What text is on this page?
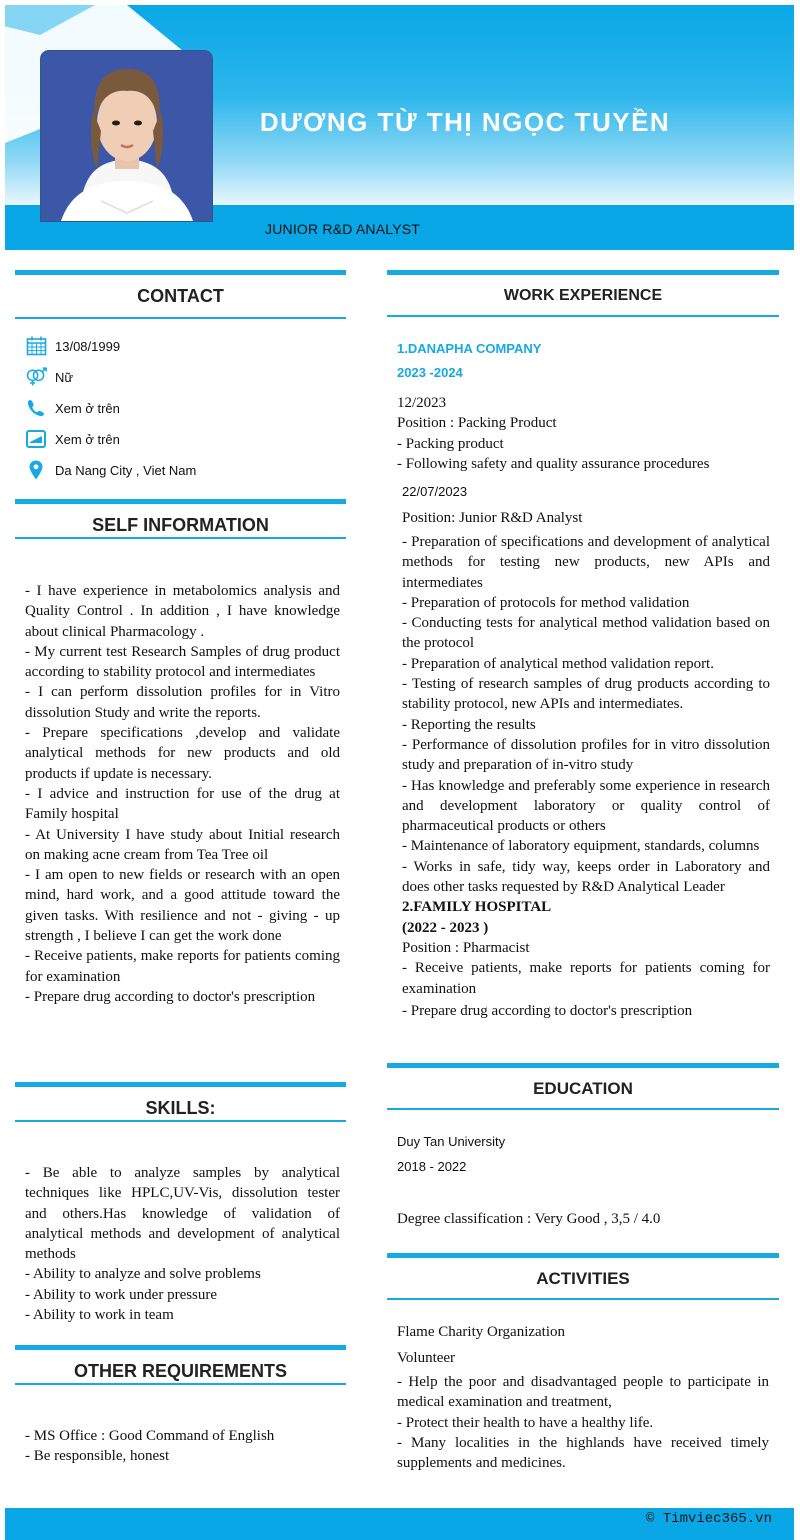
DƯƠNG TỪ THỊ NGỌC TUYỀN
JUNIOR R&D ANALYST
CONTACT
13/08/1999
Nữ
Xem ở trên
Xem ở trên
Da Nang City , Viet Nam
SELF INFORMATION
- I have experience in metabolomics analysis and Quality Control . In addition , I have knowledge about clinical Pharmacology .
- My current test Research Samples of drug product according to stability protocol and intermediates
- I can perform dissolution profiles for in Vitro dissolution Study and write the reports.
- Prepare specifications ,develop and validate analytical methods for new products and old products if update is necessary.
- I advice and instruction for use of the drug at Family hospital
- At University I have study about Initial research on making acne cream from Tea Tree oil
- I am open to new fields or research with an open mind, hard work, and a good attitude toward the given tasks. With resilience and not - giving - up strength , I believe I can get the work done
- Receive patients, make reports for patients coming for examination
- Prepare drug according to doctor's prescription
SKILLS:
- Be able to analyze samples by analytical techniques like HPLC,UV-Vis, dissolution tester and others.Has knowledge of validation of analytical methods and development of analytical methods
- Ability to analyze and solve problems
- Ability to work under pressure
- Ability to work in team
OTHER REQUIREMENTS
- MS Office : Good Command of English
- Be responsible, honest
WORK EXPERIENCE
1.DANAPHA COMPANY
2023 -2024
12/2023
Position : Packing Product
- Packing product
- Following safety and quality assurance procedures
22/07/2023
Position: Junior R&D Analyst
- Preparation of specifications and development of analytical methods for testing new products, new APIs and intermediates
- Preparation of protocols for method validation
- Conducting tests for analytical method validation based on the protocol
- Preparation of analytical method validation report.
- Testing of research samples of drug products according to stability protocol, new APIs and intermediates.
- Reporting the results
- Performance of dissolution profiles for in vitro dissolution study and preparation of in-vitro study
- Has knowledge and preferably some experience in research and development laboratory or quality control of pharmaceutical products or others
- Maintenance of laboratory equipment, standards, columns
- Works in safe, tidy way, keeps order in Laboratory and does other tasks requested by R&D Analytical Leader
2.FAMILY HOSPITAL
(2022 - 2023 )
Position : Pharmacist
- Receive patients, make reports for patients coming for examination
- Prepare drug according to doctor's prescription
EDUCATION
Duy Tan University
2018 - 2022
Degree classification : Very Good , 3,5 / 4.0
ACTIVITIES
Flame Charity Organization
Volunteer
- Help the poor and disadvantaged people to participate in medical examination and treatment,
- Protect their health to have a healthy life.
- Many localities in the highlands have received timely supplements and medicines.
© Timviec365.vn
